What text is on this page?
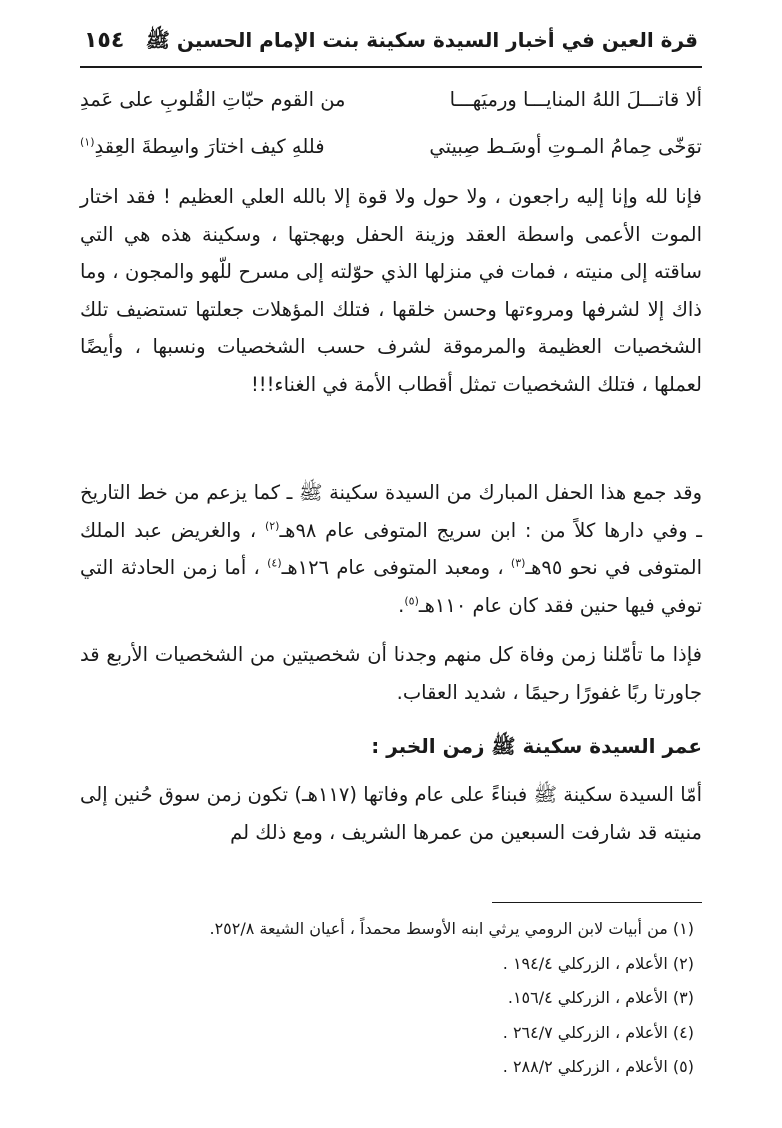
قرة العين في أخبار السيدة سكينة بنت الإمام الحسين ﷺ
١٥٤
ألا قاتـــلَ اللهُ المنايـــا ورميَهـــا
من القوم حبّاتِ القُلوبِ على عَمدِ
توَخّى حِمامُ المـوتِ أوسَـط صِبيتي
فللهِ كيف اختارَ واسِطةَ العِقدِ$^{(١)}$

فإنا لله وإنا إليه راجعون ، ولا حول ولا قوة إلا بالله العلي العظيم ! فقد اختار الموت الأعمى واسطة العقد وزينة الحفل وبهجتها ، وسكينة هذه هي التي ساقته إلى منيته ، فمات في منزلها الذي حوّلته إلى مسرح للّهو والمجون ، وما ذاك إلا لشرفها ومروءتها وحسن خلقها ، فتلك المؤهلات جعلتها تستضيف تلك الشخصيات العظيمة والمرموقة لشرف حسب الشخصيات ونسبها ، وأيضًا لعملها ، فتلك الشخصيات تمثل أقطاب الأمة في الغناء!!!

وقد جمع هذا الحفل المبارك من السيدة سكينة ﷺ ـ كما يزعم من خط التاريخ ـ وفي دارها كلاً من : ابن سريج المتوفى عام ٩٨هـ$^{(٢)}$ ، والغريض عبد الملك المتوفى في نحو ٩٥هـ$^{(٣)}$ ، ومعبد المتوفى عام ١٢٦هـ$^{(٤)}$ ، أما زمن الحادثة التي توفي فيها حنين فقد كان عام ١١٠هـ$^{(٥)}$.

فإذا ما تأمّلنا زمن وفاة كل منهم وجدنا أن شخصيتين من الشخصيات الأربع قد جاورتا ربًا غفورًا رحيمًا ، شديد العقاب.

عمر السيدة سكينة ﷺ زمن الخبر :

أمّا السيدة سكينة ﷺ فبناءً على عام وفاتها (١١٧هـ) تكون زمن سوق حُنين إلى منيته قد شارفت السبعين من عمرها الشريف ، ومع ذلك لم

(١) من أبيات لابن الرومي يرثي ابنه الأوسط محمداً ، أعيان الشيعة ٢٥٢/٨.

(٢) الأعلام ، الزركلي ١٩٤/٤ .

(٣) الأعلام ، الزركلي ١٥٦/٤.

(٤) الأعلام ، الزركلي ٢٦٤/٧ .

(٥) الأعلام ، الزركلي ٢٨٨/٢ .
